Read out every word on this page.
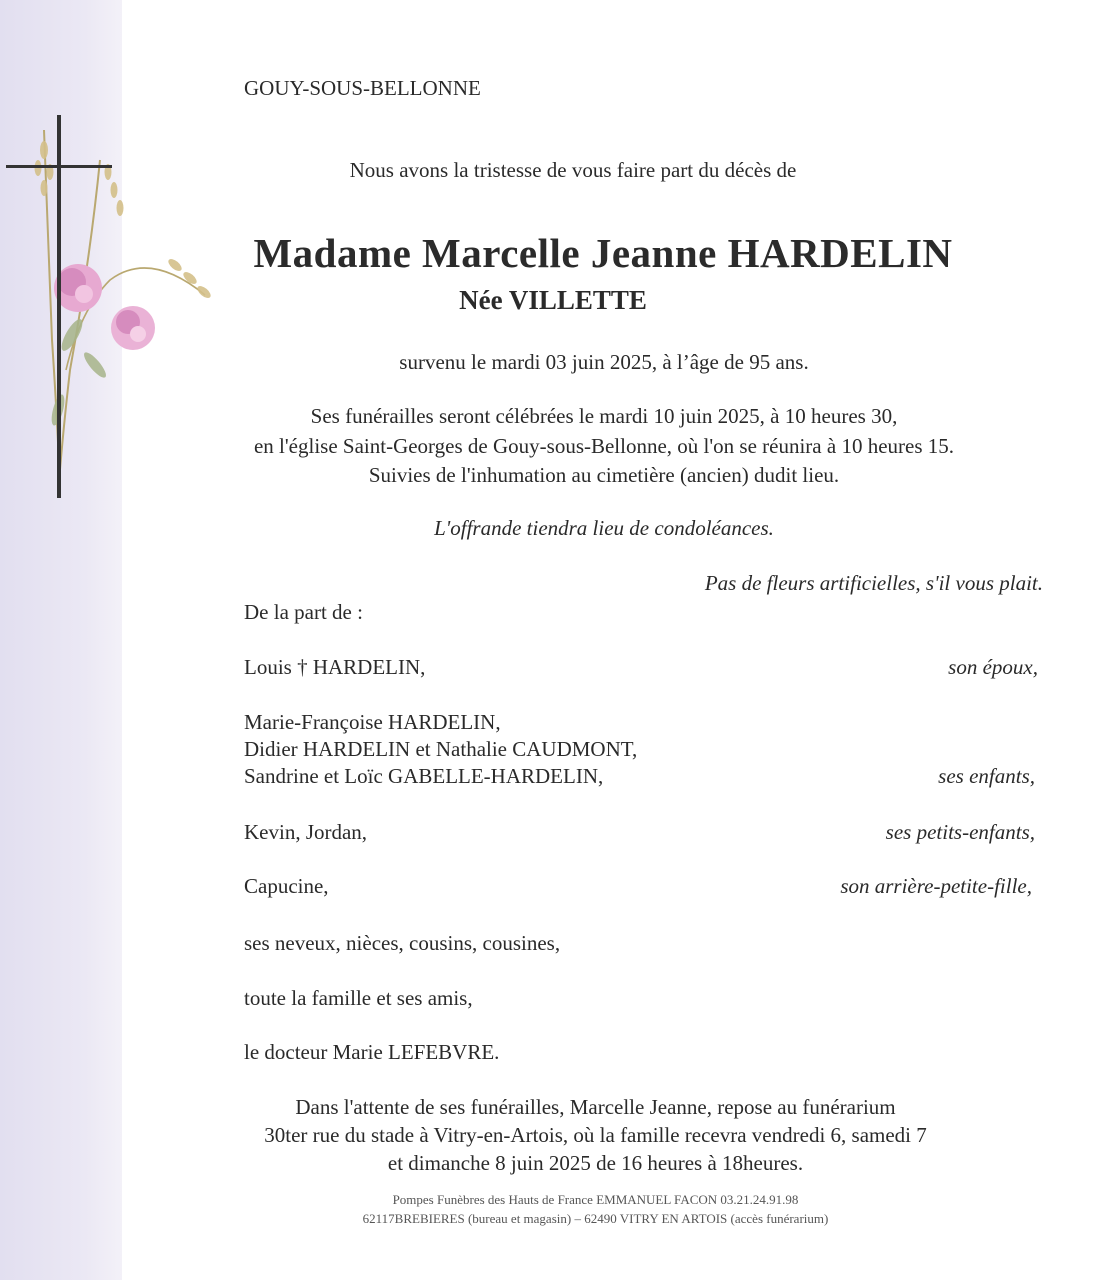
GOUY-SOUS-BELLONNE
Nous avons la tristesse de vous faire part du décès de
Madame Marcelle Jeanne HARDELIN
Née VILLETTE
survenu le mardi 03 juin 2025, à l’âge de 95 ans.
Ses funérailles seront célébrées le mardi 10 juin 2025, à 10 heures 30,
en l'église Saint-Georges de Gouy-sous-Bellonne, où l'on se réunira à 10 heures 15.
Suivies de l'inhumation au cimetière (ancien) dudit lieu.
L'offrande tiendra lieu de condoléances.
Pas de fleurs artificielles, s'il vous plait.
De la part de :
Louis † HARDELIN,	son époux,
Marie-Françoise HARDELIN,
Didier HARDELIN et Nathalie CAUDMONT,
Sandrine et Loïc GABELLE-HARDELIN,	ses enfants,
Kevin, Jordan,	ses petits-enfants,
Capucine,	son arrière-petite-fille,
ses neveux, nièces, cousins, cousines,
toute la famille et ses amis,
le docteur Marie LEFEBVRE.
Dans l'attente de ses funérailles, Marcelle Jeanne, repose au funérarium
30ter rue du stade à Vitry-en-Artois, où la famille recevra vendredi 6, samedi 7
et dimanche 8 juin 2025 de 16 heures à 18heures.
Pompes Funèbres des Hauts de France EMMANUEL FACON 03.21.24.91.98
62117BREBIERES (bureau et magasin) – 62490 VITRY EN ARTOIS (accès funérarium)
